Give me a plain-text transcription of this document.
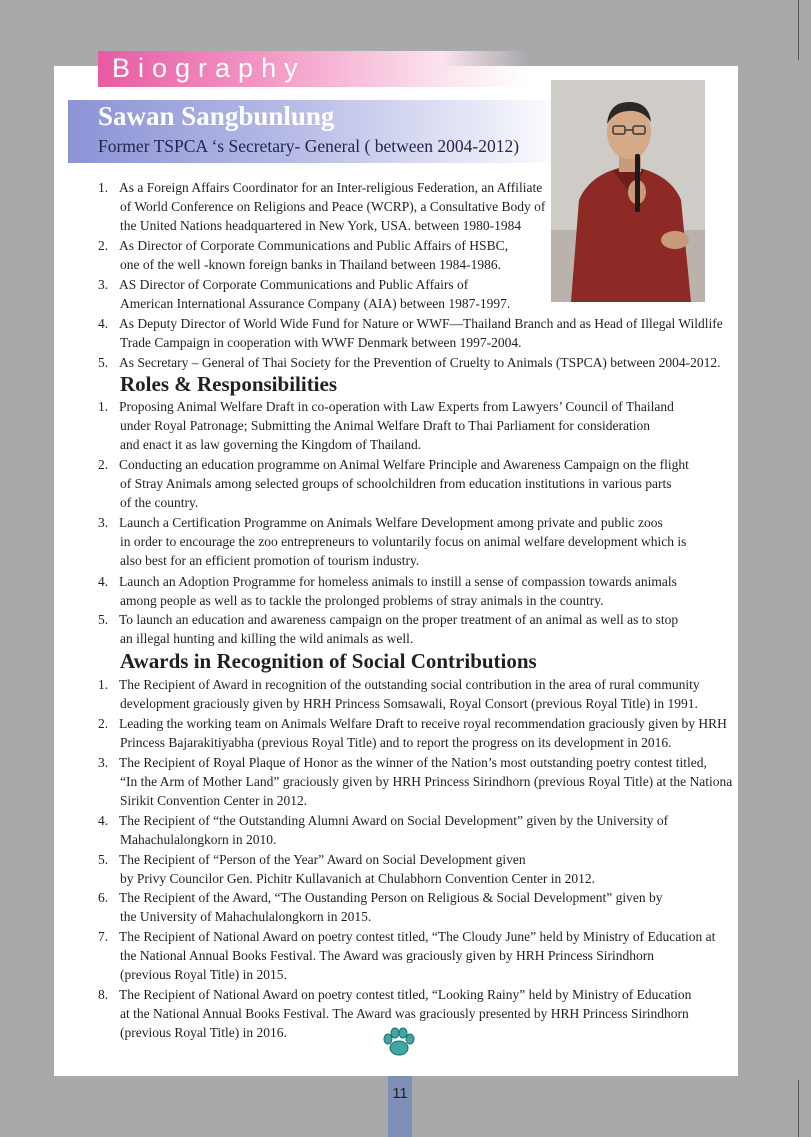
Biography
Sawan Sangbunlung
Former TSPCA ‘s Secretary- General ( between 2004-2012)
1. As a Foreign Affairs Coordinator for an Inter-religious Federation, an Affiliate
of World Conference on Religions and Peace (WCRP), a Consultative Body of
the United Nations headquartered in New York, USA. between 1980-1984
2. As Director of Corporate Communications and Public Affairs of HSBC,
one of the well -known foreign banks in Thailand between 1984-1986.
3. AS Director of Corporate Communications and Public Affairs of
American International Assurance Company (AIA) between 1987-1997.
4. As Deputy Director of World Wide Fund for Nature or WWF—Thailand Branch and as Head of Illegal Wildlife
Trade Campaign in cooperation with WWF Denmark between 1997-2004.
5. As Secretary – General of Thai Society for the Prevention of Cruelty to Animals (TSPCA) between 2004-2012.
Roles & Responsibilities
1. Proposing Animal Welfare Draft in co-operation with Law Experts from Lawyers’ Council of Thailand
under Royal Patronage; Submitting the Animal Welfare Draft to Thai Parliament for consideration
and enact it as law governing the Kingdom of Thailand.
2. Conducting an education programme on Animal Welfare Principle and Awareness Campaign on the flight
of Stray Animals among selected groups of schoolchildren from education institutions in various parts
of the country.
3. Launch a Certification Programme on Animals Welfare Development among private and public zoos
in order to encourage the zoo entrepreneurs to voluntarily focus on animal welfare development which is
also best for an efficient promotion of tourism industry.
4. Launch an Adoption Programme for homeless animals to instill a sense of compassion towards animals
among people as well as to tackle the prolonged problems of stray animals in the country.
5. To launch an education and awareness campaign on the proper treatment of an animal as well as to stop
an illegal hunting and killing the wild animals as well.
Awards in Recognition of Social Contributions
1. The Recipient of Award in recognition of the outstanding social contribution in the area of rural community
development graciously given by HRH Princess Somsawali, Royal Consort (previous Royal Title) in 1991.
2. Leading the working team on Animals Welfare Draft to receive royal recommendation graciously given by HRH
Princess Bajarakitiyabha (previous Royal Title) and to report the progress on its development in 2016.
3. The Recipient of Royal Plaque of Honor as the winner of the Nation’s most outstanding poetry contest titled,
“In the Arm of Mother Land” graciously given by HRH Princess Sirindhorn (previous Royal Title) at the Nationa
Sirikit Convention Center in 2012.
4. The Recipient of “the Outstanding Alumni Award on Social Development” given by the University of
Mahachulalongkorn in 2010.
5. The Recipient of “Person of the Year” Award on Social Development given
by Privy Councilor Gen. Pichitr Kullavanich at Chulabhorn Convention Center in 2012.
6. The Recipient of the Award, “The Oustanding Person on Religious & Social Development” given by
the University of Mahachulalongkorn in 2015.
7. The Recipient of National Award on poetry contest titled, “The Cloudy June” held by Ministry of Education at
the National Annual Books Festival. The Award was graciously given by HRH Princess Sirindhorn
(previous Royal Title) in 2015.
8. The Recipient of National Award on poetry contest titled, “Looking Rainy” held by Ministry of Education
at the National Annual Books Festival. The Award was graciously presented by HRH Princess Sirindhorn
(previous Royal Title) in 2016.
11
